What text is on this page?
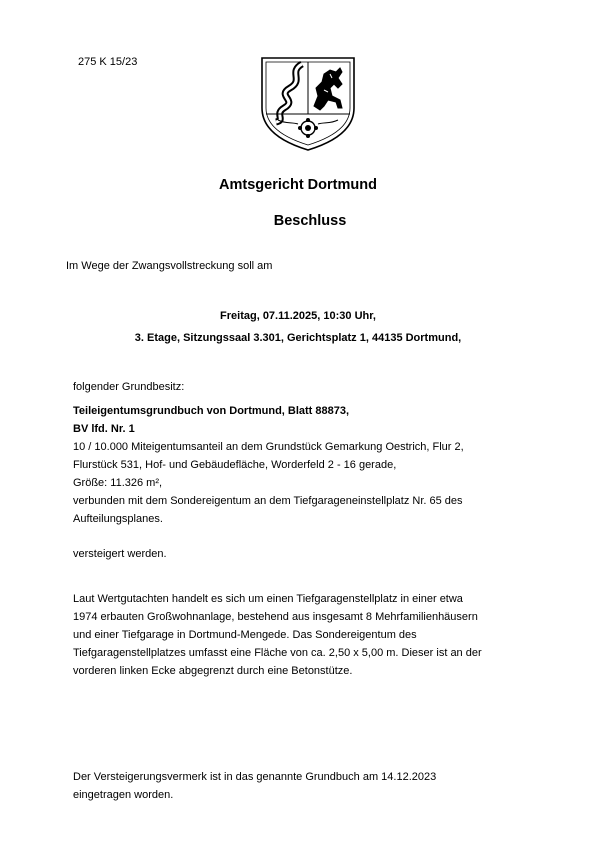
275 K 15/23
Amtsgericht Dortmund
Beschluss
Im Wege der Zwangsvollstreckung soll am
Freitag, 07.11.2025, 10:30 Uhr,
3. Etage, Sitzungssaal 3.301, Gerichtsplatz 1, 44135 Dortmund,
folgender Grundbesitz:
Teileigentumsgrundbuch von Dortmund, Blatt 88873,
BV lfd. Nr. 1
10 / 10.000 Miteigentumsanteil an dem Grundstück Gemarkung Oestrich, Flur 2,
Flurstück 531, Hof- und Gebäudefläche, Worderfeld 2 - 16 gerade,
Größe: 11.326 m²,
verbunden mit dem Sondereigentum an dem Tiefgarageneinstellplatz Nr. 65 des
Aufteilungsplanes.
versteigert werden.
Laut Wertgutachten handelt es sich um einen Tiefgaragenstellplatz in einer etwa
1974 erbauten Großwohnanlage, bestehend aus insgesamt 8 Mehrfamilienhäusern
und einer Tiefgarage in Dortmund-Mengede. Das Sondereigentum des
Tiefgaragenstellplatzes umfasst eine Fläche von ca. 2,50 x 5,00 m. Dieser ist an der
vorderen linken Ecke abgegrenzt durch eine Betonstütze.
Der Versteigerungsvermerk ist in das genannte Grundbuch am 14.12.2023
eingetragen worden.
